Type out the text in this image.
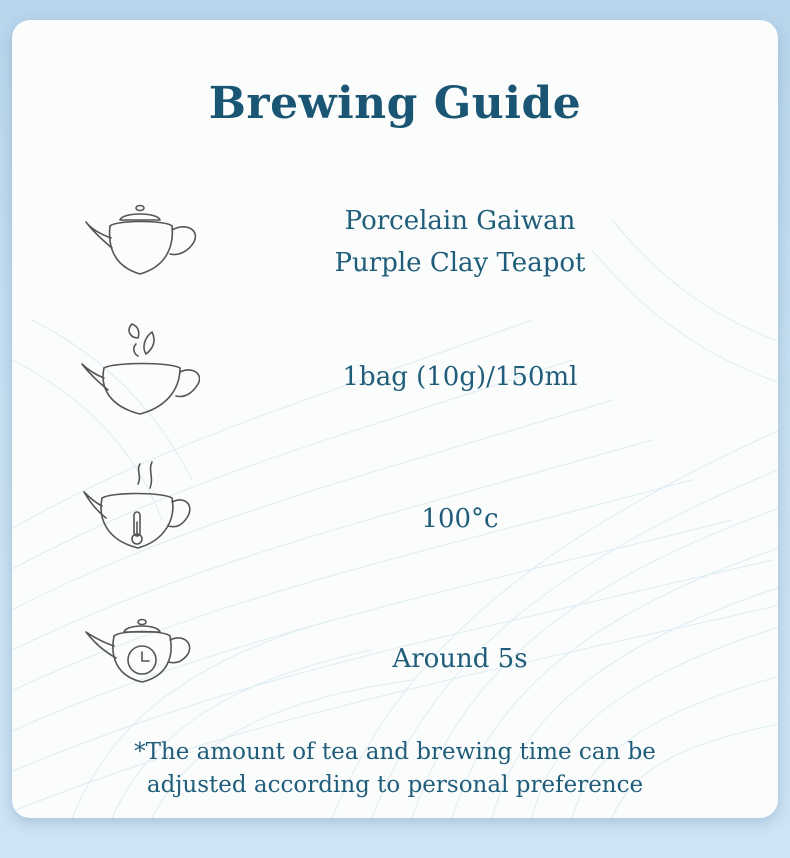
Brewing Guide
Porcelain Gaiwan
Purple Clay Teapot
1bag (10g)/150ml
100°c
Around 5s
*The amount of tea and brewing time can be
adjusted according to personal preference
